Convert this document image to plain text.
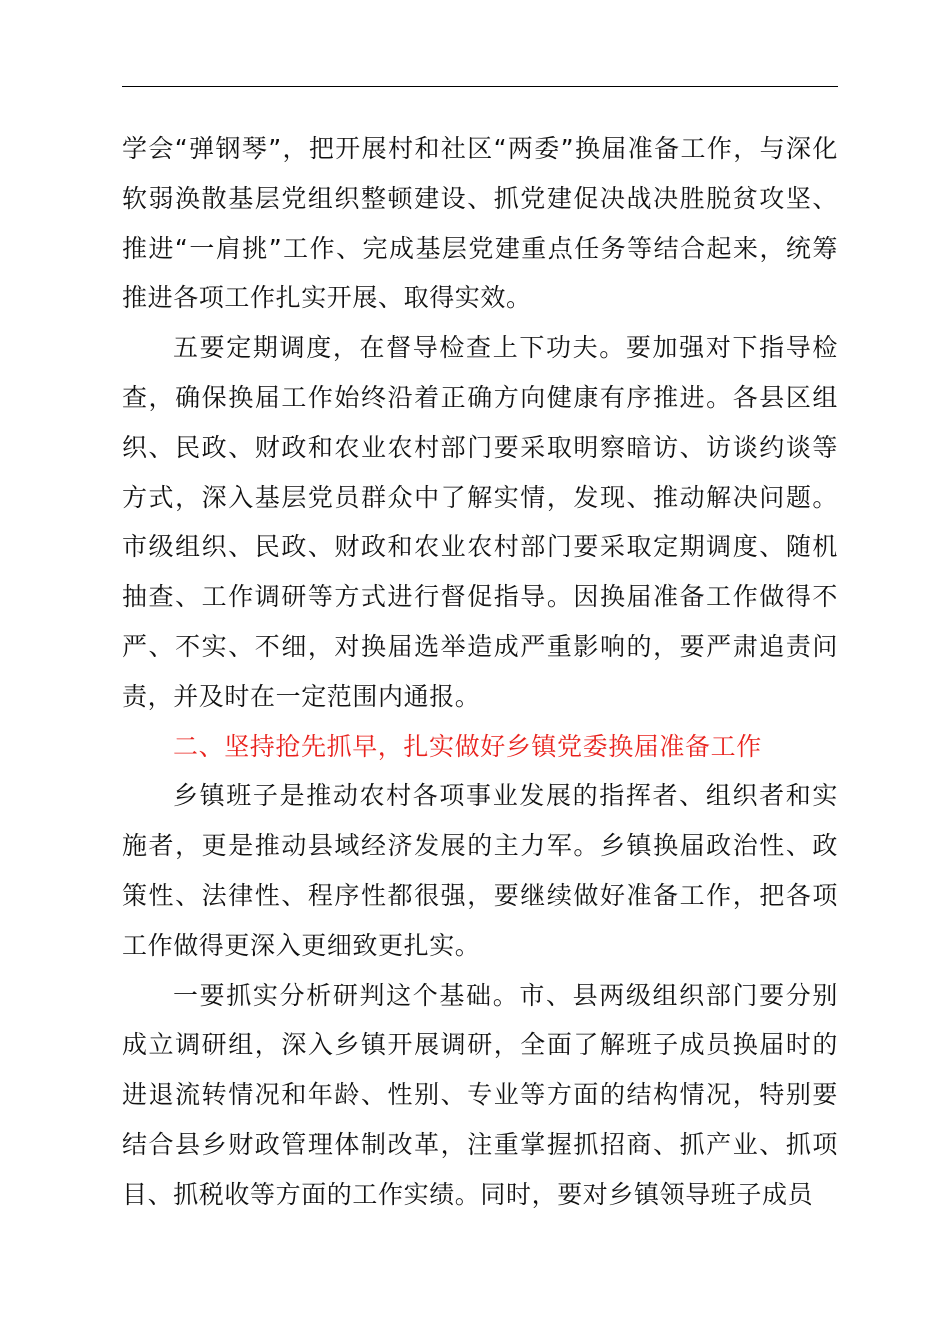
学会“弹钢琴”，把开展村和社区“两委”换届准备工作，与深化软弱涣散基层党组织整顿建设、抓党建促决战决胜脱贫攻坚、推进“一肩挑”工作、完成基层党建重点任务等结合起来，统筹推进各项工作扎实开展、取得实效。

五要定期调度，在督导检查上下功夫。要加强对下指导检查，确保换届工作始终沿着正确方向健康有序推进。各县区组织、民政、财政和农业农村部门要采取明察暗访、访谈约谈等方式，深入基层党员群众中了解实情，发现、推动解决问题。市级组织、民政、财政和农业农村部门要采取定期调度、随机抽查、工作调研等方式进行督促指导。因换届准备工作做得不严、不实、不细，对换届选举造成严重影响的，要严肃追责问责，并及时在一定范围内通报。

二、坚持抢先抓早，扎实做好乡镇党委换届准备工作

乡镇班子是推动农村各项事业发展的指挥者、组织者和实施者，更是推动县域经济发展的主力军。乡镇换届政治性、政策性、法律性、程序性都很强，要继续做好准备工作，把各项工作做得更深入更细致更扎实。

一要抓实分析研判这个基础。市、县两级组织部门要分别成立调研组，深入乡镇开展调研，全面了解班子成员换届时的进退流转情况和年龄、性别、专业等方面的结构情况，特别要结合县乡财政管理体制改革，注重掌握抓招商、抓产业、抓项目、抓税收等方面的工作实绩。同时，要对乡镇领导班子成员
